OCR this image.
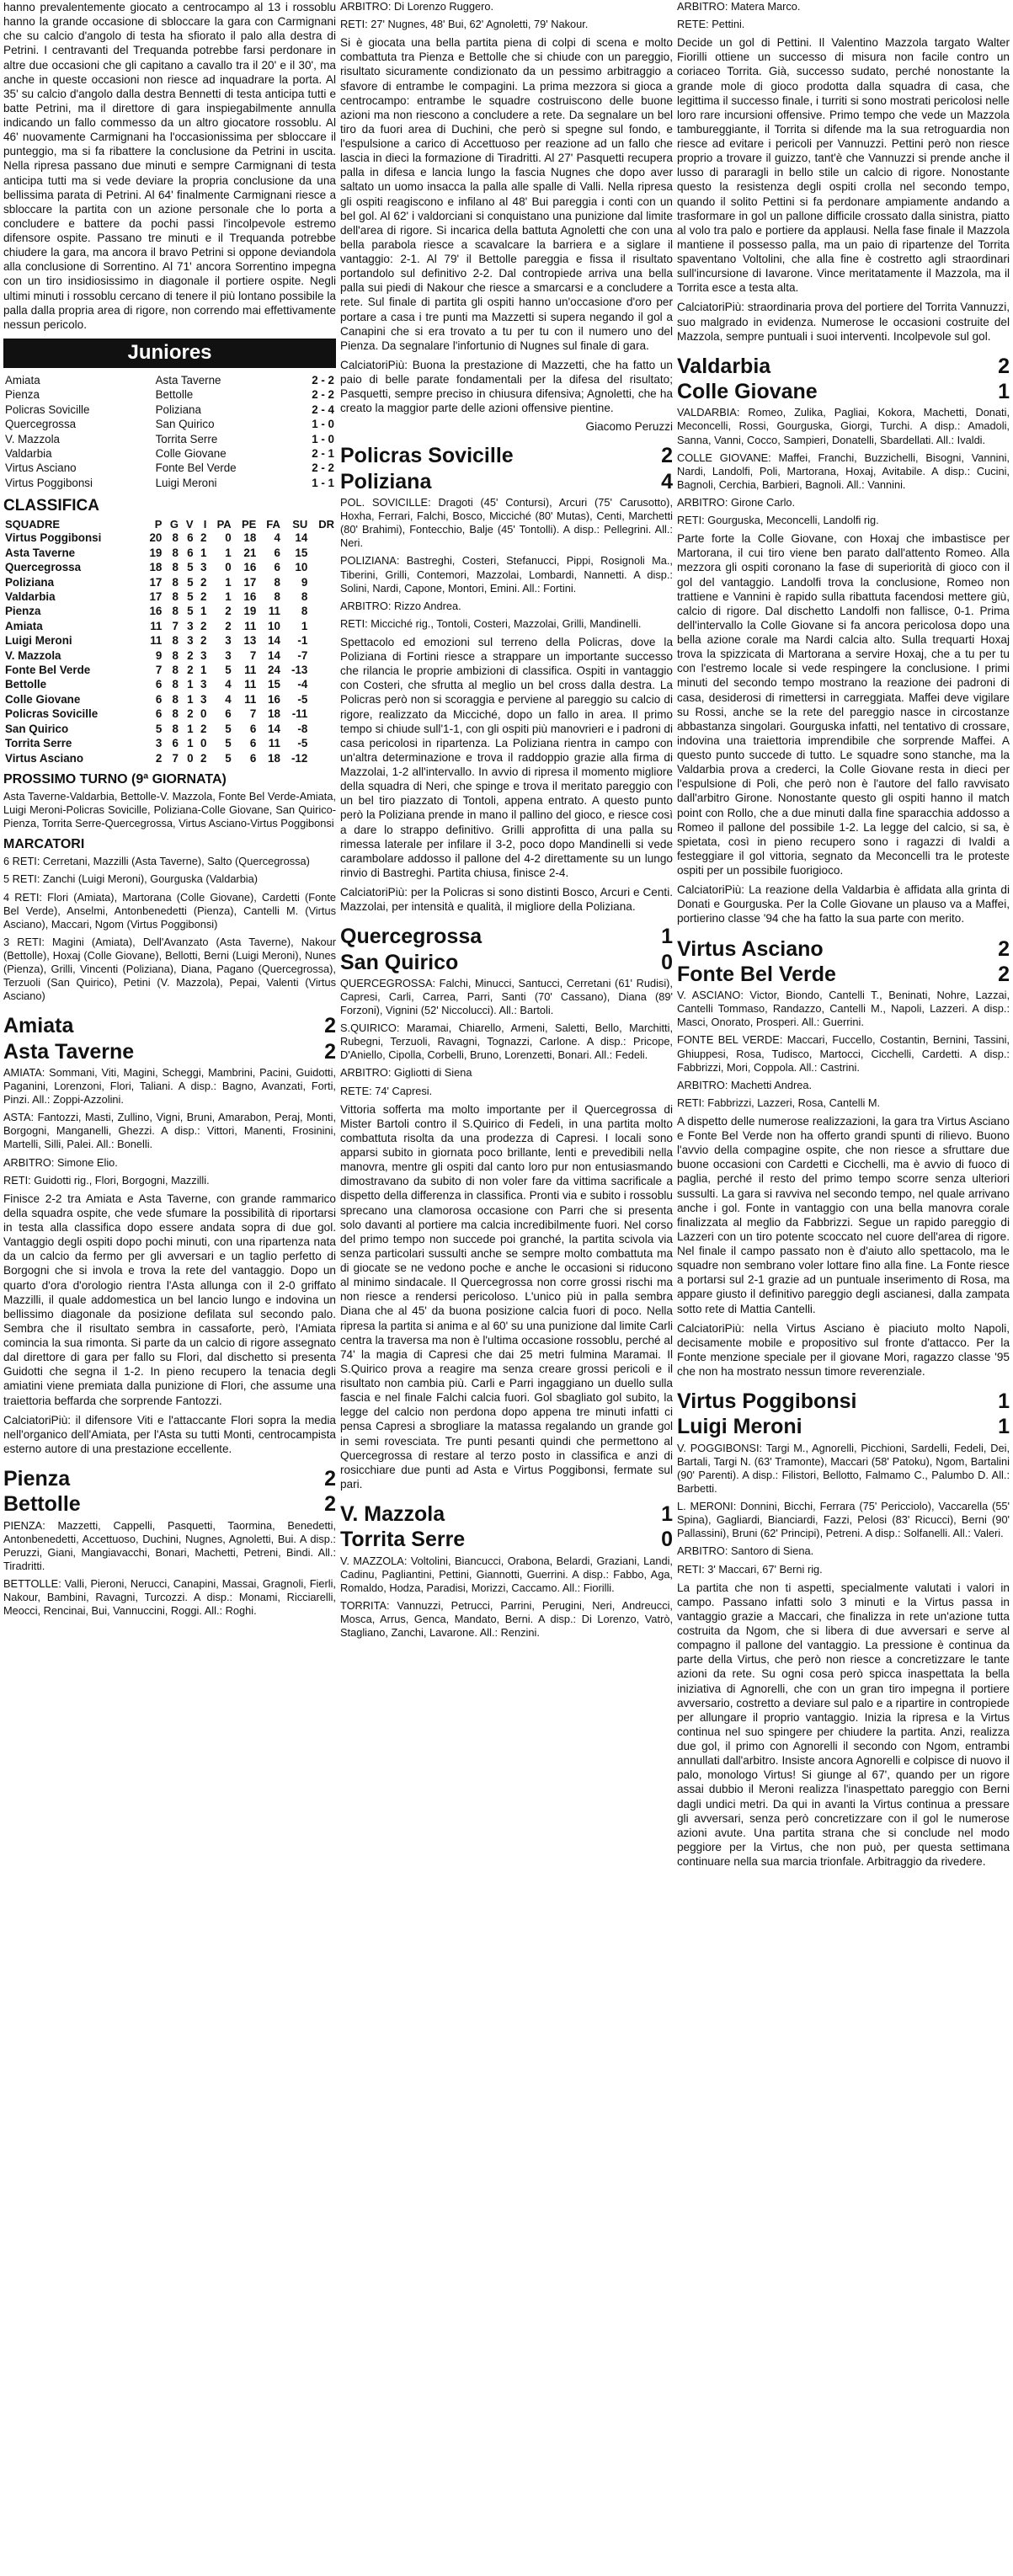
hanno prevalentemente giocato a centrocampo al 13 i rossoblu hanno la grande occasione di sbloccare la gara con Carmignani che su calcio d'angolo di testa ha sfiorato il palo alla destra di Petrini. I centravanti del Trequanda potrebbe farsi perdonare in altre due occasioni che gli capitano a cavallo tra il 20' e il 30', ma anche in queste occasioni non riesce ad inquadrare la porta. Al 35' su calcio d'angolo dalla destra Bennetti di testa anticipa tutti e batte Petrini, ma il direttore di gara inspiegabilmente annulla indicando un fallo commesso da un altro giocatore rossoblu. Al 46' nuovamente Carmignani ha l'occasionissima per sbloccare il punteggio, ma si fa ribattere la conclusione da Petrini in uscita. Nella ripresa passano due minuti e sempre Carmignani di testa anticipa tutti ma si vede deviare la propria conclusione da una bellissima parata di Petrini. Al 64' finalmente Carmignani riesce a sbloccare la partita con un azione personale che lo porta a concludere e battere da pochi passi l'incolpevole estremo difensore ospite. Passano tre minuti e il Trequanda potrebbe chiudere la gara, ma ancora il bravo Petrini si oppone deviandola alla conclusione di Sorrentino. Al 71' ancora Sorrentino impegna con un tiro insidiosissimo in diagonale il portiere ospite. Negli ultimi minuti i rossoblu cercano di tenere il più lontano possibile la palla dalla propria area di rigore, non correndo mai effettivamente nessun pericolo.

Juniores
Amiata	Asta Taverne	2 - 2
Pienza	Bettolle	2 - 2
Policras Sovicille	Poliziana	2 - 4
Quercegrossa	San Quirico	1 - 0
V. Mazzola	Torrita Serre	1 - 0
Valdarbia	Colle Giovane	2 - 1
Virtus Asciano	Fonte Bel Verde	2 - 2
Virtus Poggibonsi	Luigi Meroni	1 - 1
CLASSIFICA
SQUADRE	P	G	V	I	PA	PE	FA	SU	DR
Virtus Poggibonsi	20	8	6	2	0	18	4	14	
Asta Taverne	19	8	6	1	1	21	6	15	
Quercegrossa	18	8	5	3	0	16	6	10	
Poliziana	17	8	5	2	1	17	8	9	
Valdarbia	17	8	5	2	1	16	8	8	
Pienza	16	8	5	1	2	19	11	8	
Amiata	11	7	3	2	2	11	10	1	
Luigi Meroni	11	8	3	2	3	13	14	-1	
V. Mazzola	9	8	2	3	3	7	14	-7	
Fonte Bel Verde	7	8	2	1	5	11	24	-13	
Bettolle	6	8	1	3	4	11	15	-4	
Colle Giovane	6	8	1	3	4	11	16	-5	
Policras Sovicille	6	8	2	0	6	7	18	-11	
San Quirico	5	8	1	2	5	6	14	-8	
Torrita Serre	3	6	1	0	5	6	11	-5	
Virtus Asciano	2	7	0	2	5	6	18	-12	
PROSSIMO TURNO (9ª GIORNATA)

Asta Taverne-Valdarbia, Bettolle-V. Mazzola, Fonte Bel Verde-Amiata, Luigi Meroni-Policras Sovicille, Poliziana-Colle Giovane, San Quirico-Pienza, Torrita Serre-Quercegrossa, Virtus Asciano-Virtus Poggibonsi

MARCATORI

6 RETI: Cerretani, Mazzilli (Asta Taverne), Salto (Quercegrossa)

5 RETI: Zanchi (Luigi Meroni), Gourguska (Valdarbia)

4 RETI: Flori (Amiata), Martorana (Colle Giovane), Cardetti (Fonte Bel Verde), Anselmi, Antonbenedetti (Pienza), Cantelli M. (Virtus Asciano), Maccari, Ngom (Virtus Poggibonsi)

3 RETI: Magini (Amiata), Dell'Avanzato (Asta Taverne), Nakour (Bettolle), Hoxaj (Colle Giovane), Bellotti, Berni (Luigi Meroni), Nunes (Pienza), Grilli, Vincenti (Poliziana), Diana, Pagano (Quercegrossa), Terzuoli (San Quirico), Petini (V. Mazzola), Pepai, Valenti (Virtus Asciano)

Amiata	2
Asta Taverne	2

AMIATA: Sommani, Viti, Magini, Scheggi, Mambrini, Pacini, Guidotti, Paganini, Lorenzoni, Flori, Taliani. A disp.: Bagno, Avanzati, Forti, Pinzi. All.: Zoppi-Azzolini.

ASTA: Fantozzi, Masti, Zullino, Vigni, Bruni, Amarabon, Peraj, Monti, Borgogni, Manganelli, Ghezzi. A disp.: Vittori, Manenti, Frosinini, Martelli, Silli, Palei. All.: Bonelli.

ARBITRO: Simone Elio.

RETI: Guidotti rig., Flori, Borgogni, Mazzilli.

Finisce 2-2 tra Amiata e Asta Taverne, con grande rammarico della squadra ospite, che vede sfumare la possibilità di riportarsi in testa alla classifica dopo essere andata sopra di due gol. Vantaggio degli ospiti dopo pochi minuti, con una ripartenza nata da un calcio da fermo per gli avversari e un taglio perfetto di Borgogni che si invola e trova la rete del vantaggio. Dopo un quarto d'ora d'orologio rientra l'Asta allunga con il 2-0 griffato Mazzilli, il quale addomestica un bel lancio lungo e indovina un bellissimo diagonale da posizione defilata sul secondo palo. Sembra che il risultato sembra in cassaforte, però, l'Amiata comincia la sua rimonta. Si parte da un calcio di rigore assegnato dal direttore di gara per fallo su Flori, dal dischetto si presenta Guidotti che segna il 1-2. In pieno recupero la tenacia degli amiatini viene premiata dalla punizione di Flori, che assume una traiettoria beffarda che sorprende Fantozzi.

CalciatoriPiù: il difensore Viti e l'attaccante Flori sopra la media nell'organico dell'Amiata, per l'Asta su tutti Monti, centrocampista esterno autore di una prestazione eccellente.

Pienza	2
Bettolle	2

PIENZA: Mazzetti, Cappelli, Pasquetti, Taormina, Benedetti, Antonbenedetti, Accettuoso, Duchini, Nugnes, Agnoletti, Bui. A disp.: Peruzzi, Giani, Mangiavacchi, Bonari, Machetti, Petreni, Bindi. All.: Tiradritti.

BETTOLLE: Valli, Pieroni, Nerucci, Canapini, Massai, Gragnoli, Fierli, Nakour, Bambini, Ravagni, Turcozzi. A disp.: Monami, Ricciarelli, Meocci, Rencinai, Bui, Vannuccini, Roggi. All.: Roghi.

ARBITRO: Di Lorenzo Ruggero.

RETI: 27' Nugnes, 48' Bui, 62' Agnoletti, 79' Nakour.

Si è giocata una bella partita piena di colpi di scena e molto combattuta tra Pienza e Bettolle che si chiude con un pareggio, risultato sicuramente condizionato da un pessimo arbitraggio a sfavore di entrambe le compagini. La prima mezzora si gioca a centrocampo: entrambe le squadre costruiscono delle buone azioni ma non riescono a concludere a rete. Da segnalare un bel tiro da fuori area di Duchini, che però si spegne sul fondo, e l'espulsione a carico di Accettuoso per reazione ad un fallo che lascia in dieci la formazione di Tiradritti. Al 27' Pasquetti recupera palla in difesa e lancia lungo la fascia Nugnes che dopo aver saltato un uomo insacca la palla alle spalle di Valli. Nella ripresa gli ospiti reagiscono e infilano al 48' Bui pareggia i conti con un bel gol. Al 62' i valdorciani si conquistano una punizione dal limite dell'area di rigore. Si incarica della battuta Agnoletti che con una bella parabola riesce a scavalcare la barriera e a siglare il vantaggio: 2-1. Al 79' il Bettolle pareggia e fissa il risultato portandolo sul definitivo 2-2. Dal contropiede arriva una bella palla sui piedi di Nakour che riesce a smarcarsi e a concludere a rete. Sul finale di partita gli ospiti hanno un'occasione d'oro per portare a casa i tre punti ma Mazzetti si supera negando il gol a Canapini che si era trovato a tu per tu con il numero uno del Pienza. Da segnalare l'infortunio di Nugnes sul finale di gara.

CalciatoriPiù: Buona la prestazione di Mazzetti, che ha fatto un paio di belle parate fondamentali per la difesa del risultato; Pasquetti, sempre preciso in chiusura difensiva; Agnoletti, che ha creato la maggior parte delle azioni offensive pientine.

Giacomo Peruzzi
Policras Sovicille	2
Poliziana	4

POL. SOVICILLE: Dragoti (45' Contursi), Arcuri (75' Carusotto), Hoxha, Ferrari, Falchi, Bosco, Micciché (80' Mutas), Centi, Marchetti (80' Brahimi), Fontecchio, Balje (45' Tontolli). A disp.: Pellegrini. All.: Neri.

POLIZIANA: Bastreghi, Costeri, Stefanucci, Pippi, Rosignoli Ma., Tiberini, Grilli, Contemori, Mazzolai, Lombardi, Nannetti. A disp.: Solini, Nardi, Capone, Montori, Emini. All.: Fortini.

ARBITRO: Rizzo Andrea.

RETI: Micciché rig., Tontoli, Costeri, Mazzolai, Grilli, Mandinelli.

Spettacolo ed emozioni sul terreno della Policras, dove la Poliziana di Fortini riesce a strappare un importante successo che rilancia le proprie ambizioni di classifica. Ospiti in vantaggio con Costeri, che sfrutta al meglio un bel cross dalla destra. La Policras però non si scoraggia e perviene al pareggio su calcio di rigore, realizzato da Micciché, dopo un fallo in area. Il primo tempo si chiude sull'1-1, con gli ospiti più manovrieri e i padroni di casa pericolosi in ripartenza. La Poliziana rientra in campo con un'altra determinazione e trova il raddoppio grazie alla firma di Mazzolai, 1-2 all'intervallo. In avvio di ripresa il momento migliore della squadra di Neri, che spinge e trova il meritato pareggio con un bel tiro piazzato di Tontoli, appena entrato. A questo punto però la Poliziana prende in mano il pallino del gioco, e riesce così a dare lo strappo definitivo. Grilli approfitta di una palla su rimessa laterale per infilare il 3-2, poco dopo Mandinelli si vede carambolare addosso il pallone del 4-2 direttamente su un lungo rinvio di Bastreghi. Partita chiusa, finisce 2-4.

CalciatoriPiù: per la Policras si sono distinti Bosco, Arcuri e Centi. Mazzolai, per intensità e qualità, il migliore della Poliziana.

Quercegrossa	1
San Quirico	0

QUERCEGROSSA: Falchi, Minucci, Santucci, Cerretani (61' Rudisi), Capresi, Carli, Carrea, Parri, Santi (70' Cassano), Diana (89' Forzoni), Vignini (52' Niccolucci). All.: Bartoli.

S.QUIRICO: Maramai, Chiarello, Armeni, Saletti, Bello, Marchitti, Rubegni, Terzuoli, Ravagni, Tognazzi, Carlone. A disp.: Pricope, D'Aniello, Cipolla, Corbelli, Bruno, Lorenzetti, Bonari. All.: Fedeli.

ARBITRO: Gigliotti di Siena

RETE: 74' Capresi.

Vittoria sofferta ma molto importante per il Quercegrossa di Mister Bartoli contro il S.Quirico di Fedeli, in una partita molto combattuta risolta da una prodezza di Capresi. I locali sono apparsi subito in giornata poco brillante, lenti e prevedibili nella manovra, mentre gli ospiti dal canto loro pur non entusiasmando dimostravano da subito di non voler fare da vittima sacrificale a dispetto della differenza in classifica. Pronti via e subito i rossoblu sprecano una clamorosa occasione con Parri che si presenta solo davanti al portiere ma calcia incredibilmente fuori. Nel corso del primo tempo non succede poi granché, la partita scivola via senza particolari sussulti anche se sempre molto combattuta ma di giocate se ne vedono poche e anche le occasioni si riducono al minimo sindacale. Il Quercegrossa non corre grossi rischi ma non riesce a rendersi pericoloso. L'unico più in palla sembra Diana che al 45' da buona posizione calcia fuori di poco. Nella ripresa la partita si anima e al 60' su una punizione dal limite Carli centra la traversa ma non è l'ultima occasione rossoblu, perché al 74' la magia di Capresi che dai 25 metri fulmina Maramai. Il S.Quirico prova a reagire ma senza creare grossi pericoli e il risultato non cambia più. Carli e Parri ingaggiano un duello sulla fascia e nel finale Falchi calcia fuori. Gol sbagliato gol subito, la legge del calcio non perdona dopo appena tre minuti infatti ci pensa Capresi a sbrogliare la matassa regalando un grande gol in semi rovesciata. Tre punti pesanti quindi che permettono al Quercegrossa di restare al terzo posto in classifica e anzi di rosicchiare due punti ad Asta e Virtus Poggibonsi, fermate sul pari.

V. Mazzola	1
Torrita Serre	0

V. MAZZOLA: Voltolini, Biancucci, Orabona, Belardi, Graziani, Landi, Cadinu, Pagliantini, Pettini, Giannotti, Guerrini. A disp.: Fabbo, Aga, Romaldo, Hodza, Paradisi, Morizzi, Caccamo. All.: Fiorilli.

TORRITA: Vannuzzi, Petrucci, Parrini, Perugini, Neri, Andreucci, Mosca, Arrus, Genca, Mandato, Berni. A disp.: Di Lorenzo, Vatrò, Stagliano, Zanchi, Lavarone. All.: Renzini.

ARBITRO: Matera Marco.

RETE: Pettini.

Decide un gol di Pettini. Il Valentino Mazzola targato Walter Fiorilli ottiene un successo di misura non facile contro un coriaceo Torrita. Già, successo sudato, perché nonostante la grande mole di gioco prodotta dalla squadra di casa, che legittima il successo finale, i turriti si sono mostrati pericolosi nelle loro rare incursioni offensive. Primo tempo che vede un Mazzola tambureggiante, il Torrita si difende ma la sua retroguardia non riesce ad evitare i pericoli per Vannuzzi. Pettini però non riesce proprio a trovare il guizzo, tant'è che Vannuzzi si prende anche il lusso di pararagli in bello stile un calcio di rigore. Nonostante questo la resistenza degli ospiti crolla nel secondo tempo, quando il solito Pettini si fa perdonare ampiamente andando a trasformare in gol un pallone difficile crossato dalla sinistra, piatto al volo tra palo e portiere da applausi. Nella fase finale il Mazzola mantiene il possesso palla, ma un paio di ripartenze del Torrita spaventano Voltolini, che alla fine è costretto agli straordinari sull'incursione di Iavarone. Vince meritatamente il Mazzola, ma il Torrita esce a testa alta.

CalciatoriPiù: straordinaria prova del portiere del Torrita Vannuzzi, suo malgrado in evidenza. Numerose le occasioni costruite del Mazzola, sempre puntuali i suoi interventi. Incolpevole sul gol.

Valdarbia	2
Colle Giovane	1

VALDARBIA: Romeo, Zulika, Pagliai, Kokora, Machetti, Donati, Meconcelli, Rossi, Gourguska, Giorgi, Turchi. A disp.: Amadoli, Sanna, Vanni, Cocco, Sampieri, Donatelli, Sbardellati. All.: Ivaldi.

COLLE GIOVANE: Maffei, Franchi, Buzzichelli, Bisogni, Vannini, Nardi, Landolfi, Poli, Martorana, Hoxaj, Avitabile. A disp.: Cucini, Bagnoli, Cerchia, Barbieri, Bagnoli. All.: Vannini.

ARBITRO: Girone Carlo.

RETI: Gourguska, Meconcelli, Landolfi rig.

Parte forte la Colle Giovane, con Hoxaj che imbastisce per Martorana, il cui tiro viene ben parato dall'attento Romeo. Alla mezzora gli ospiti coronano la fase di superiorità di gioco con il gol del vantaggio. Landolfi trova la conclusione, Romeo non trattiene e Vannini è rapido sulla ribattuta facendosi mettere giù, calcio di rigore. Dal dischetto Landolfi non fallisce, 0-1. Prima dell'intervallo la Colle Giovane si fa ancora pericolosa dopo una bella azione corale ma Nardi calcia alto. Sulla trequarti Hoxaj trova la spizzicata di Martorana a servire Hoxaj, che a tu per tu con l'estremo locale si vede respingere la conclusione. I primi minuti del secondo tempo mostrano la reazione dei padroni di casa, desiderosi di rimettersi in carreggiata. Maffei deve vigilare su Rossi, anche se la rete del pareggio nasce in circostanze abbastanza singolari. Gourguska infatti, nel tentativo di crossare, indovina una traiettoria imprendibile che sorprende Maffei. A questo punto succede di tutto. Le squadre sono stanche, ma la Valdarbia prova a crederci, la Colle Giovane resta in dieci per l'espulsione di Poli, che però non è l'autore del fallo ravvisato dall'arbitro Girone. Nonostante questo gli ospiti hanno il match point con Rollo, che a due minuti dalla fine sparacchia addosso a Romeo il pallone del possibile 1-2. La legge del calcio, si sa, è spietata, così in pieno recupero sono i ragazzi di Ivaldi a festeggiare il gol vittoria, segnato da Meconcelli tra le proteste ospiti per un possibile fuorigioco.

CalciatoriPiù: La reazione della Valdarbia è affidata alla grinta di Donati e Gourguska. Per la Colle Giovane un plauso va a Maffei, portierino classe '94 che ha fatto la sua parte con merito.

Virtus Asciano	2
Fonte Bel Verde	2

V. ASCIANO: Victor, Biondo, Cantelli T., Beninati, Nohre, Lazzai, Cantelli Tommaso, Randazzo, Cantelli M., Napoli, Lazzeri. A disp.: Masci, Onorato, Prosperi. All.: Guerrini.

FONTE BEL VERDE: Maccari, Fuccello, Costantin, Bernini, Tassini, Ghiuppesi, Rosa, Tudisco, Martocci, Cicchelli, Cardetti. A disp.: Fabbrizzi, Mori, Coppola. All.: Castrini.

ARBITRO: Machetti Andrea.

RETI: Fabbrizzi, Lazzeri, Rosa, Cantelli M.

A dispetto delle numerose realizzazioni, la gara tra Virtus Asciano e Fonte Bel Verde non ha offerto grandi spunti di rilievo. Buono l'avvio della compagine ospite, che non riesce a sfruttare due buone occasioni con Cardetti e Cicchelli, ma è avvio di fuoco di paglia, perché il resto del primo tempo scorre senza ulteriori sussulti. La gara si ravviva nel secondo tempo, nel quale arrivano anche i gol. Fonte in vantaggio con una bella manovra corale finalizzata al meglio da Fabbrizzi. Segue un rapido pareggio di Lazzeri con un tiro potente scoccato nel cuore dell'area di rigore. Nel finale il campo passato non è d'aiuto allo spettacolo, ma le squadre non sembrano voler lottare fino alla fine. La Fonte riesce a portarsi sul 2-1 grazie ad un puntuale inserimento di Rosa, ma appare giusto il definitivo pareggio degli ascianesi, dalla zampata sotto rete di Mattia Cantelli.

CalciatoriPiù: nella Virtus Asciano è piaciuto molto Napoli, decisamente mobile e propositivo sul fronte d'attacco. Per la Fonte menzione speciale per il giovane Mori, ragazzo classe '95 che non ha mostrato nessun timore reverenziale.

Virtus Poggibonsi	1
Luigi Meroni	1

V. POGGIBONSI: Targi M., Agnorelli, Picchioni, Sardelli, Fedeli, Dei, Bartali, Targi N. (63' Tramonte), Maccari (58' Patoku), Ngom, Bartalini (90' Parenti). A disp.: Filistori, Bellotto, Falmamo C., Palumbo D. All.: Barbetti.

L. MERONI: Donnini, Bicchi, Ferrara (75' Pericciolo), Vaccarella (55' Spina), Gagliardi, Bianciardi, Fazzi, Pelosi (83' Ricucci), Berni (90' Pallassini), Bruni (62' Principi), Petreni. A disp.: Solfanelli. All.: Valeri.

ARBITRO: Santoro di Siena.

RETI: 3' Maccari, 67' Berni rig.

La partita che non ti aspetti, specialmente valutati i valori in campo. Passano infatti solo 3 minuti e la Virtus passa in vantaggio grazie a Maccari, che finalizza in rete un'azione tutta costruita da Ngom, che si libera di due avversari e serve al compagno il pallone del vantaggio. La pressione è continua da parte della Virtus, che però non riesce a concretizzare le tante azioni da rete. Su ogni cosa però spicca inaspettata la bella iniziativa di Agnorelli, che con un gran tiro impegna il portiere avversario, costretto a deviare sul palo e a ripartire in contropiede per allungare il proprio vantaggio. Inizia la ripresa e la Virtus continua nel suo spingere per chiudere la partita. Anzi, realizza due gol, il primo con Agnorelli il secondo con Ngom, entrambi annullati dall'arbitro. Insiste ancora Agnorelli e colpisce di nuovo il palo, monologo Virtus! Si giunge al 67', quando per un rigore assai dubbio il Meroni realizza l'inaspettato pareggio con Berni dagli undici metri. Da qui in avanti la Virtus continua a pressare gli avversari, senza però concretizzare con il gol le numerose azioni avute. Una partita strana che si conclude nel modo peggiore per la Virtus, che non può, per questa settimana continuare nella sua marcia trionfale. Arbitraggio da rivedere.
